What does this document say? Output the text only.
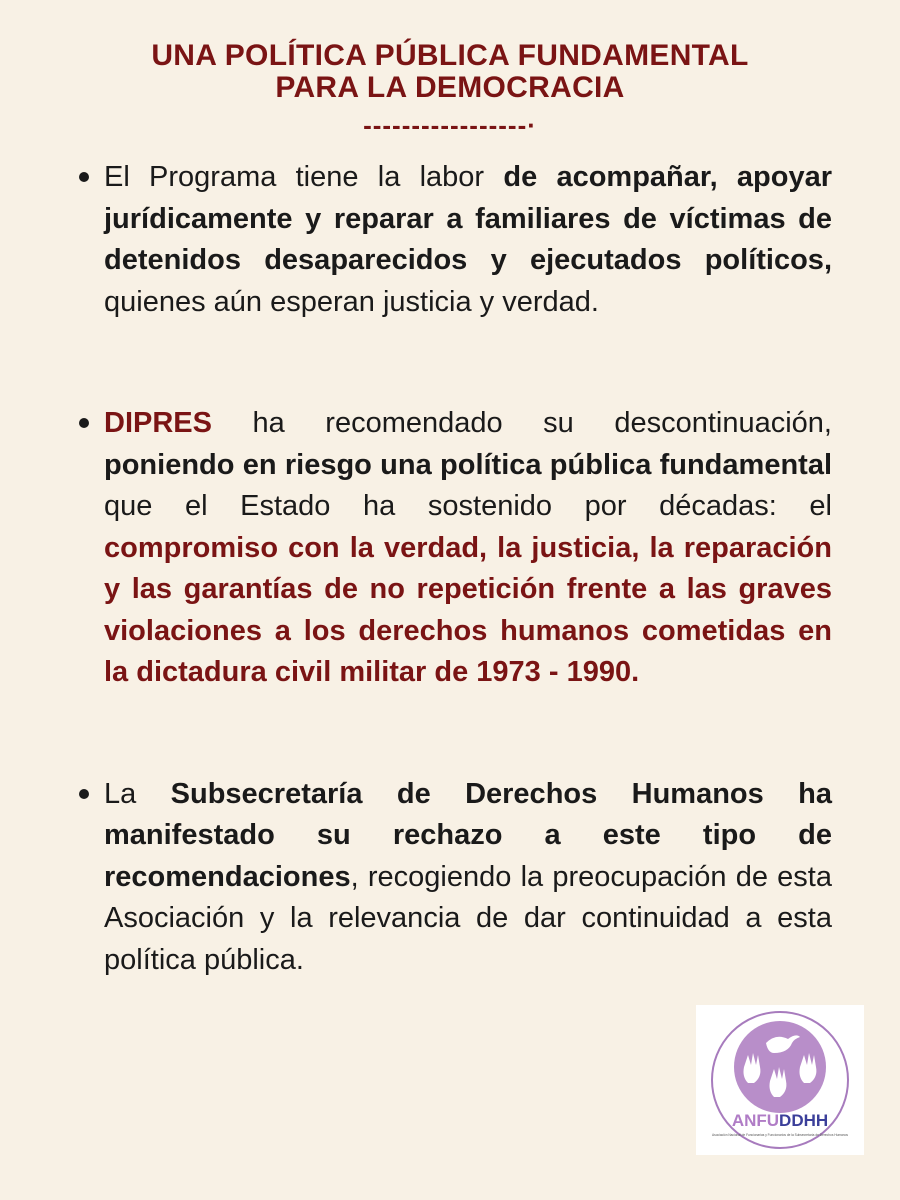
UNA POLÍTICA PÚBLICA FUNDAMENTAL
PARA LA DEMOCRACIA
-----------------·
El Programa tiene la labor de acompañar, apoyar jurídicamente y reparar a familiares de víctimas de detenidos desaparecidos y ejecutados políticos, quienes aún esperan justicia y verdad.
DIPRES ha recomendado su descontinuación, poniendo en riesgo una política pública fundamental que el Estado ha sostenido por décadas: el compromiso con la verdad, la justicia, la reparación y las garantías de no repetición frente a las graves violaciones a los derechos humanos cometidas en la dictadura civil militar de 1973 - 1990.
La Subsecretaría de Derechos Humanos ha manifestado su rechazo a este tipo de recomendaciones, recogiendo la preocupación de esta Asociación y la relevancia de dar continuidad a esta política pública.
ANFUDDHH
Asociación Nacional de Funcionarias y Funcionarios de la Subsecretaría de Derechos Humanos
